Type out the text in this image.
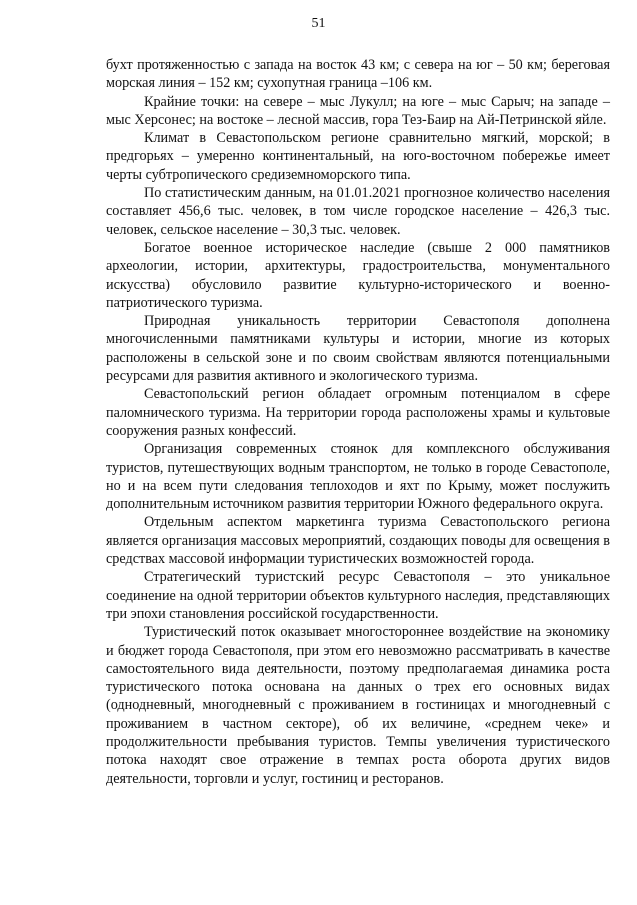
51

бухт протяженностью с запада на восток 43 км; с севера на юг – 50 км; береговая морская линия – 152 км; сухопутная граница –106 км.

Крайние точки: на севере – мыс Лукулл; на юге – мыс Сарыч; на западе – мыс Херсонес; на востоке – лесной массив, гора Тез-Баир на Ай-Петринской яйле.

Климат в Севастопольском регионе сравнительно мягкий, морской; в предгорьях – умеренно континентальный, на юго-восточном побережье имеет черты субтропического средиземноморского типа.

По статистическим данным, на 01.01.2021 прогнозное количество населения составляет 456,6 тыс. человек, в том числе городское население – 426,3 тыс. человек, сельское население – 30,3 тыс. человек.

Богатое военное историческое наследие (свыше 2 000 памятников археологии, истории, архитектуры, градостроительства, монументального искусства) обусловило развитие культурно-исторического и военно-патриотического туризма.

Природная уникальность территории Севастополя дополнена многочисленными памятниками культуры и истории, многие из которых расположены в сельской зоне и по своим свойствам являются потенциальными ресурсами для развития активного и экологического туризма.

Севастопольский регион обладает огромным потенциалом в сфере паломнического туризма. На территории города расположены храмы и культовые сооружения разных конфессий.

Организация современных стоянок для комплексного обслуживания туристов, путешествующих водным транспортом, не только в городе Севастополе, но и на всем пути следования теплоходов и яхт по Крыму, может послужить дополнительным источником развития территории Южного федерального округа.

Отдельным аспектом маркетинга туризма Севастопольского региона является организация массовых мероприятий, создающих поводы для освещения в средствах массовой информации туристических возможностей города.

Стратегический туристский ресурс Севастополя – это уникальное соединение на одной территории объектов культурного наследия, представляющих три эпохи становления российской государственности.

Туристический поток оказывает многостороннее воздействие на экономику и бюджет города Севастополя, при этом его невозможно рассматривать в качестве самостоятельного вида деятельности, поэтому предполагаемая динамика роста туристического потока основана на данных о трех его основных видах (однодневный, многодневный с проживанием в гостиницах и многодневный с проживанием в частном секторе), об их величине, «среднем чеке» и продолжительности пребывания туристов. Темпы увеличения туристического потока находят свое отражение в темпах роста оборота других видов деятельности, торговли и услуг, гостиниц и ресторанов.
